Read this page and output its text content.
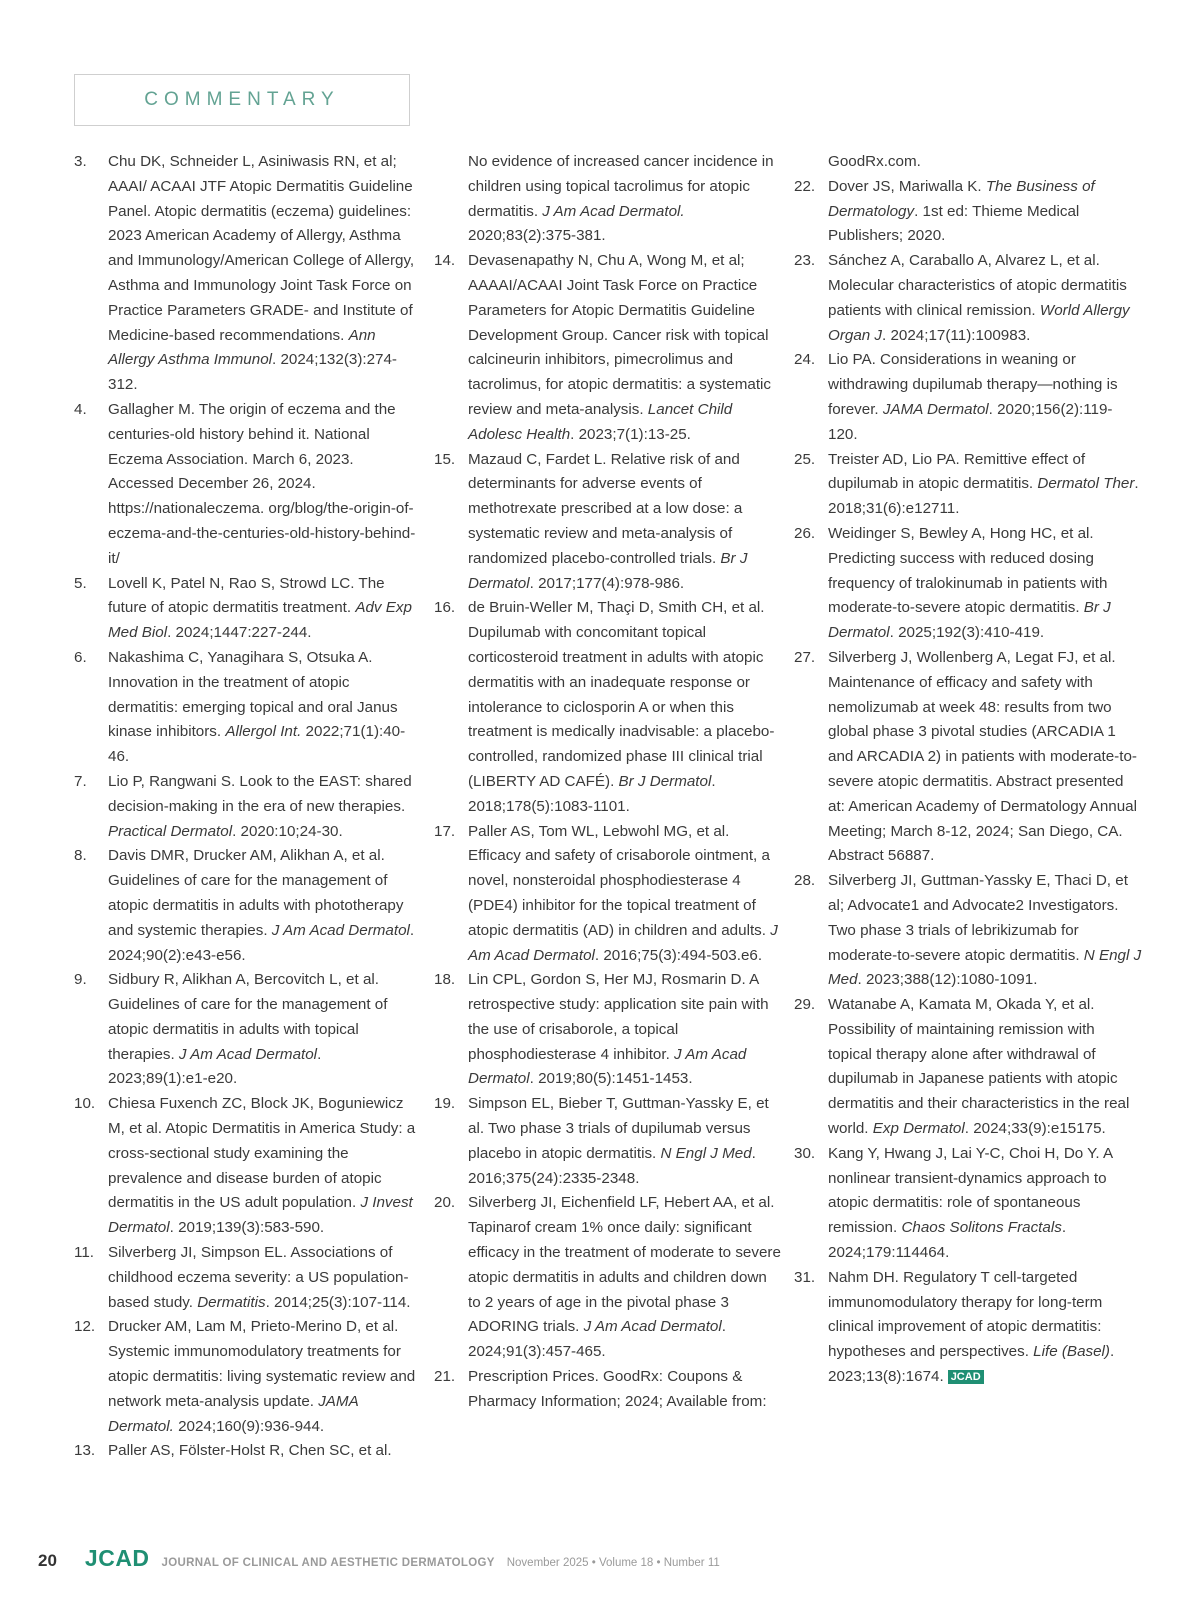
COMMENTARY
3.	Chu DK, Schneider L, Asiniwasis RN, et al; AAAI/ ACAAI JTF Atopic Dermatitis Guideline Panel. Atopic dermatitis (eczema) guidelines: 2023 American Academy of Allergy, Asthma and Immunology/American College of Allergy, Asthma and Immunology Joint Task Force on Practice Parameters GRADE- and Institute of Medicine-based recommendations. Ann Allergy Asthma Immunol. 2024;132(3):274-312.
4.	Gallagher M. The origin of eczema and the centuries-old history behind it. National Eczema Association. March 6, 2023. Accessed December 26, 2024. https://nationaleczema. org/blog/the-origin-of-eczema-and-the-centuries-old-history-behind-it/
5.	Lovell K, Patel N, Rao S, Strowd LC. The future of atopic dermatitis treatment. Adv Exp Med Biol. 2024;1447:227-244.
6.	Nakashima C, Yanagihara S, Otsuka A. Innovation in the treatment of atopic dermatitis: emerging topical and oral Janus kinase inhibitors. Allergol Int. 2022;71(1):40-46.
7.	Lio P, Rangwani S. Look to the EAST: shared decision-making in the era of new therapies. Practical Dermatol. 2020:10;24-30.
8.	Davis DMR, Drucker AM, Alikhan A, et al. Guidelines of care for the management of atopic dermatitis in adults with phototherapy and systemic therapies. J Am Acad Dermatol. 2024;90(2):e43-e56.
9.	Sidbury R, Alikhan A, Bercovitch L, et al. Guidelines of care for the management of atopic dermatitis in adults with topical therapies. J Am Acad Dermatol. 2023;89(1):e1-e20.
10. Chiesa Fuxench ZC, Block JK, Boguniewicz M, et al. Atopic Dermatitis in America Study: a cross-sectional study examining the prevalence and disease burden of atopic dermatitis in the US adult population. J Invest Dermatol. 2019;139(3):583-590.
11. Silverberg JI, Simpson EL. Associations of childhood eczema severity: a US population-based study. Dermatitis. 2014;25(3):107-114.
12. Drucker AM, Lam M, Prieto-Merino D, et al. Systemic immunomodulatory treatments for atopic dermatitis: living systematic review and network meta-analysis update. JAMA Dermatol. 2024;160(9):936-944.
13. Paller AS, Fölster-Holst R, Chen SC, et al.
No evidence of increased cancer incidence in children using topical tacrolimus for atopic dermatitis. J Am Acad Dermatol. 2020;83(2):375-381.
14. Devasenapathy N, Chu A, Wong M, et al; AAAAI/ACAAI Joint Task Force on Practice Parameters for Atopic Dermatitis Guideline Development Group. Cancer risk with topical calcineurin inhibitors, pimecrolimus and tacrolimus, for atopic dermatitis: a systematic review and meta-analysis. Lancet Child Adolesc Health. 2023;7(1):13-25.
15. Mazaud C, Fardet L. Relative risk of and determinants for adverse events of methotrexate prescribed at a low dose: a systematic review and meta-analysis of randomized placebo-controlled trials. Br J Dermatol. 2017;177(4):978-986.
16. de Bruin-Weller M, Thaçi D, Smith CH, et al. Dupilumab with concomitant topical corticosteroid treatment in adults with atopic dermatitis with an inadequate response or intolerance to ciclosporin A or when this treatment is medically inadvisable: a placebo-controlled, randomized phase III clinical trial (LIBERTY AD CAFÉ). Br J Dermatol. 2018;178(5):1083-1101.
17. Paller AS, Tom WL, Lebwohl MG, et al. Efficacy and safety of crisaborole ointment, a novel, nonsteroidal phosphodiesterase 4 (PDE4) inhibitor for the topical treatment of atopic dermatitis (AD) in children and adults. J Am Acad Dermatol. 2016;75(3):494-503.e6.
18. Lin CPL, Gordon S, Her MJ, Rosmarin D. A retrospective study: application site pain with the use of crisaborole, a topical phosphodiesterase 4 inhibitor. J Am Acad Dermatol. 2019;80(5):1451-1453.
19. Simpson EL, Bieber T, Guttman-Yassky E, et al. Two phase 3 trials of dupilumab versus placebo in atopic dermatitis. N Engl J Med. 2016;375(24):2335-2348.
20. Silverberg JI, Eichenfield LF, Hebert AA, et al. Tapinarof cream 1% once daily: significant efficacy in the treatment of moderate to severe atopic dermatitis in adults and children down to 2 years of age in the pivotal phase 3 ADORING trials. J Am Acad Dermatol. 2024;91(3):457-465.
21. Prescription Prices. GoodRx: Coupons & Pharmacy Information; 2024; Available from:
GoodRx.com.
22. Dover JS, Mariwalla K. The Business of Dermatology. 1st ed: Thieme Medical Publishers; 2020.
23. Sánchez A, Caraballo A, Alvarez L, et al. Molecular characteristics of atopic dermatitis patients with clinical remission. World Allergy Organ J. 2024;17(11):100983.
24. Lio PA. Considerations in weaning or withdrawing dupilumab therapy—nothing is forever. JAMA Dermatol. 2020;156(2):119-120.
25. Treister AD, Lio PA. Remittive effect of dupilumab in atopic dermatitis. Dermatol Ther. 2018;31(6):e12711.
26. Weidinger S, Bewley A, Hong HC, et al. Predicting success with reduced dosing frequency of tralokinumab in patients with moderate-to-severe atopic dermatitis. Br J Dermatol. 2025;192(3):410-419.
27. Silverberg J, Wollenberg A, Legat FJ, et al. Maintenance of efficacy and safety with nemolizumab at week 48: results from two global phase 3 pivotal studies (ARCADIA 1 and ARCADIA 2) in patients with moderate-to-severe atopic dermatitis. Abstract presented at: American Academy of Dermatology Annual Meeting; March 8-12, 2024; San Diego, CA. Abstract 56887.
28. Silverberg JI, Guttman-Yassky E, Thaci D, et al; Advocate1 and Advocate2 Investigators. Two phase 3 trials of lebrikizumab for moderate-to-severe atopic dermatitis. N Engl J Med. 2023;388(12):1080-1091.
29. Watanabe A, Kamata M, Okada Y, et al. Possibility of maintaining remission with topical therapy alone after withdrawal of dupilumab in Japanese patients with atopic dermatitis and their characteristics in the real world. Exp Dermatol. 2024;33(9):e15175.
30. Kang Y, Hwang J, Lai Y-C, Choi H, Do Y. A nonlinear transient-dynamics approach to atopic dermatitis: role of spontaneous remission. Chaos Solitons Fractals. 2024;179:114464.
31. Nahm DH. Regulatory T cell-targeted immunomodulatory therapy for long-term clinical improvement of atopic dermatitis: hypotheses and perspectives. Life (Basel). 2023;13(8):1674. JCAD
20 JCAD JOURNAL OF CLINICAL AND AESTHETIC DERMATOLOGY November 2025 • Volume 18 • Number 11
